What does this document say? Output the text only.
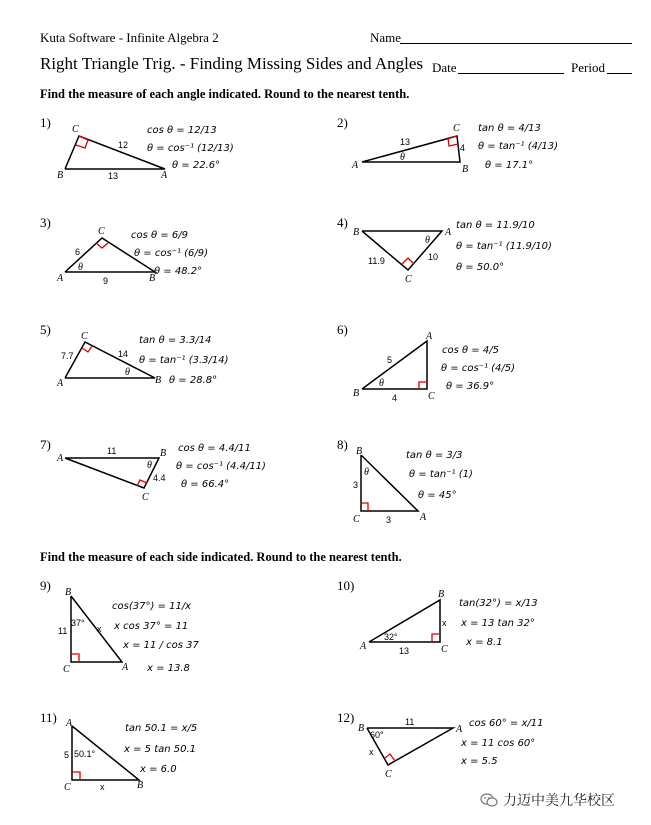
Kuta Software - Infinite Algebra 2	Name
Right Triangle Trig. - Finding Missing Sides and Angles Date	Period
Find the measure of each angle indicated. Round to the nearest tenth.
Find the measure of each side indicated. Round to the nearest tenth.
1) C
B	A
12
13
cos θ = 12/13
θ = cos⁻¹ (12/13)
θ = 22.6°
2)	C
A	B
13
4
θ
tan θ = 4/13
θ = tan⁻¹ (4/13)
θ = 17.1°
3)
C
A	B
6
9
θ
cos θ = 6/9
θ = cos⁻¹ (6/9)
θ = 48.2°
4)
B	A
C
11.9	10
θ
tan θ = 11.9/10
θ = tan⁻¹ (11.9/10)
θ = 50.0°
5)	C
A	B
7.7	14
θ
tan θ = 3.3/14
θ = tan⁻¹ (3.3/14)
θ = 28.8°
6)	A
B	C
5
4
θ
cos θ = 4/5
θ = cos⁻¹ (4/5)
θ = 36.9°
7)
A	B
C
11
4.4
θ
cos θ = 4.4/11
θ = cos⁻¹ (4.4/11)
θ = 66.4°
8) B
C	A
3
3
θ
tan θ = 3/3
θ = tan⁻¹ (1)
θ = 45°
9) B
C	A
11	x
37°
cos(37°) = 11/x
x cos 37° = 11
x = 11 / cos 37
x = 13.8
10)
B
A	C
x
13
32°
tan(32°) = x/13
x = 13 tan 32°
x = 8.1
11) A
C	B
5
x
50.1°
tan 50.1 = x/5
x = 5 tan 50.1
x = 6.0
12)
B	A
C
11
x
60°
cos 60° = x/11
x = 11 cos 60°
x = 5.5
力迈中美九华校区
